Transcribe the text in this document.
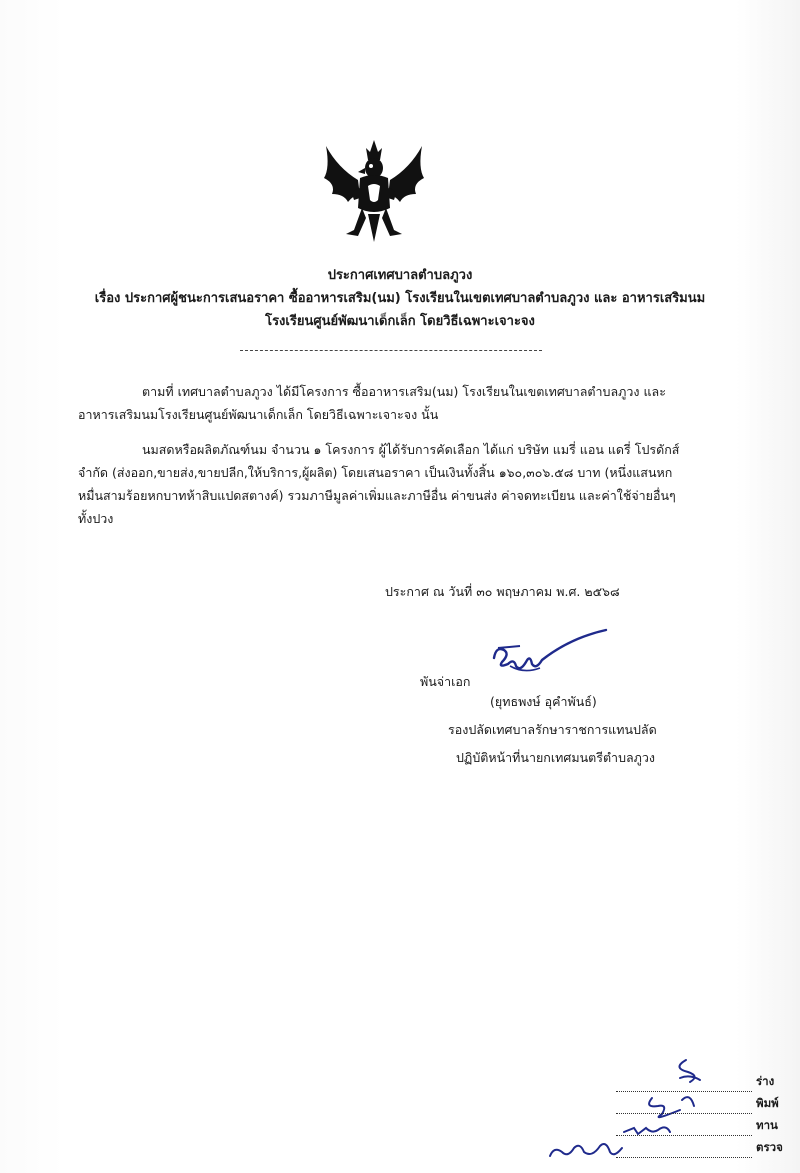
ประกาศเทศบาลตำบลภูวง
เรื่อง ประกาศผู้ชนะการเสนอราคา ซื้ออาหารเสริม(นม) โรงเรียนในเขตเทศบาลตำบลภูวง และ อาหารเสริมนม
โรงเรียนศูนย์พัฒนาเด็กเล็ก โดยวิธีเฉพาะเจาะจง

ตามที่ เทศบาลตำบลภูวง ได้มีโครงการ ซื้ออาหารเสริม(นม) โรงเรียนในเขตเทศบาลตำบลภูวง และ

อาหารเสริมนมโรงเรียนศูนย์พัฒนาเด็กเล็ก โดยวิธีเฉพาะเจาะจง นั้น

นมสดหรือผลิตภัณฑ์นม จำนวน ๑ โครงการ ผู้ได้รับการคัดเลือก ได้แก่ บริษัท แมรี่ แอน แดรี่ โปรดักส์

จำกัด (ส่งออก,ขายส่ง,ขายปลีก,ให้บริการ,ผู้ผลิต) โดยเสนอราคา เป็นเงินทั้งสิ้น ๑๖๐,๓๐๖.๕๘ บาท (หนึ่งแสนหก

หมื่นสามร้อยหกบาทห้าสิบแปดสตางค์) รวมภาษีมูลค่าเพิ่มและภาษีอื่น ค่าขนส่ง ค่าจดทะเบียน และค่าใช้จ่ายอื่นๆ

ทั้งปวง

ประกาศ ณ วันที่ ๓๐ พฤษภาคม พ.ศ. ๒๕๖๘
พันจ่าเอก
(ยุทธพงษ์ อุคำพันธ์)
รองปลัดเทศบาลรักษาราชการแทนปลัด
ปฏิบัติหน้าที่นายกเทศมนตรีตำบลภูวง
ร่าง
พิมพ์
ทาน
ตรวจ
